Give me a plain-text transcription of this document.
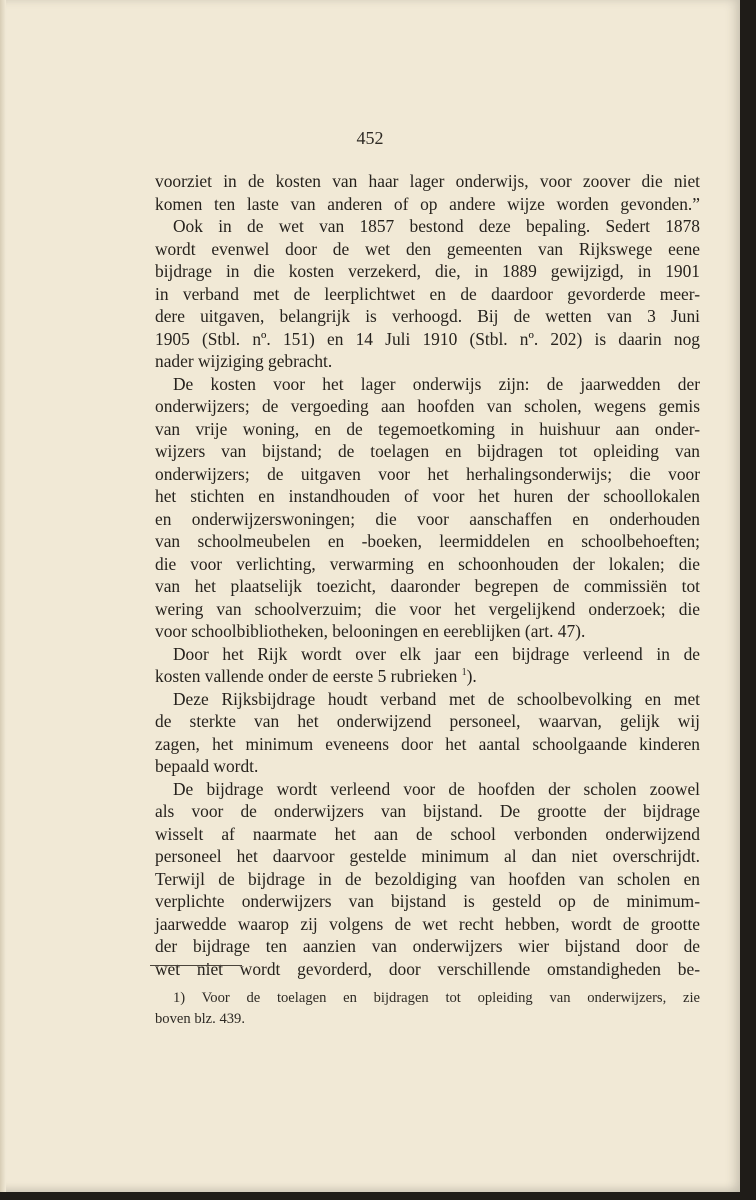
452
voorziet in de kosten van haar lager onderwijs, voor zoover die niet
komen ten laste van anderen of op andere wijze worden gevonden.”
Ook in de wet van 1857 bestond deze bepaling. Sedert 1878
wordt evenwel door de wet den gemeenten van Rijkswege eene
bijdrage in die kosten verzekerd, die, in 1889 gewijzigd, in 1901
in verband met de leerplichtwet en de daardoor gevorderde meer-
dere uitgaven, belangrijk is verhoogd. Bij de wetten van 3 Juni
1905 (Stbl. nº. 151) en 14 Juli 1910 (Stbl. nº. 202) is daarin nog
nader wijziging gebracht.
De kosten voor het lager onderwijs zijn: de jaarwedden der
onderwijzers; de vergoeding aan hoofden van scholen, wegens gemis
van vrije woning, en de tegemoetkoming in huishuur aan onder-
wijzers van bijstand; de toelagen en bijdragen tot opleiding van
onderwijzers; de uitgaven voor het herhalingsonderwijs; die voor
het stichten en instandhouden of voor het huren der schoollokalen
en onderwijzerswoningen; die voor aanschaffen en onderhouden
van schoolmeubelen en -boeken, leermiddelen en schoolbehoeften;
die voor verlichting, verwarming en schoonhouden der lokalen; die
van het plaatselijk toezicht, daaronder begrepen de commissiën tot
wering van schoolverzuim; die voor het vergelijkend onderzoek; die
voor schoolbibliotheken, belooningen en eereblijken (art. 47).
Door het Rijk wordt over elk jaar een bijdrage verleend in de
kosten vallende onder de eerste 5 rubrieken $^1$).
Deze Rijksbijdrage houdt verband met de schoolbevolking en met
de sterkte van het onderwijzend personeel, waarvan, gelijk wij
zagen, het minimum eveneens door het aantal schoolgaande kinderen
bepaald wordt.
De bijdrage wordt verleend voor de hoofden der scholen zoowel
als voor de onderwijzers van bijstand. De grootte der bijdrage
wisselt af naarmate het aan de school verbonden onderwijzend
personeel het daarvoor gestelde minimum al dan niet overschrijdt.
Terwijl de bijdrage in de bezoldiging van hoofden van scholen en
verplichte onderwijzers van bijstand is gesteld op de minimum-
jaarwedde waarop zij volgens de wet recht hebben, wordt de grootte
der bijdrage ten aanzien van onderwijzers wier bijstand door de
wet niet wordt gevorderd, door verschillende omstandigheden be-
1) Voor de toelagen en bijdragen tot opleiding van onderwijzers, zie
boven blz. 439.
